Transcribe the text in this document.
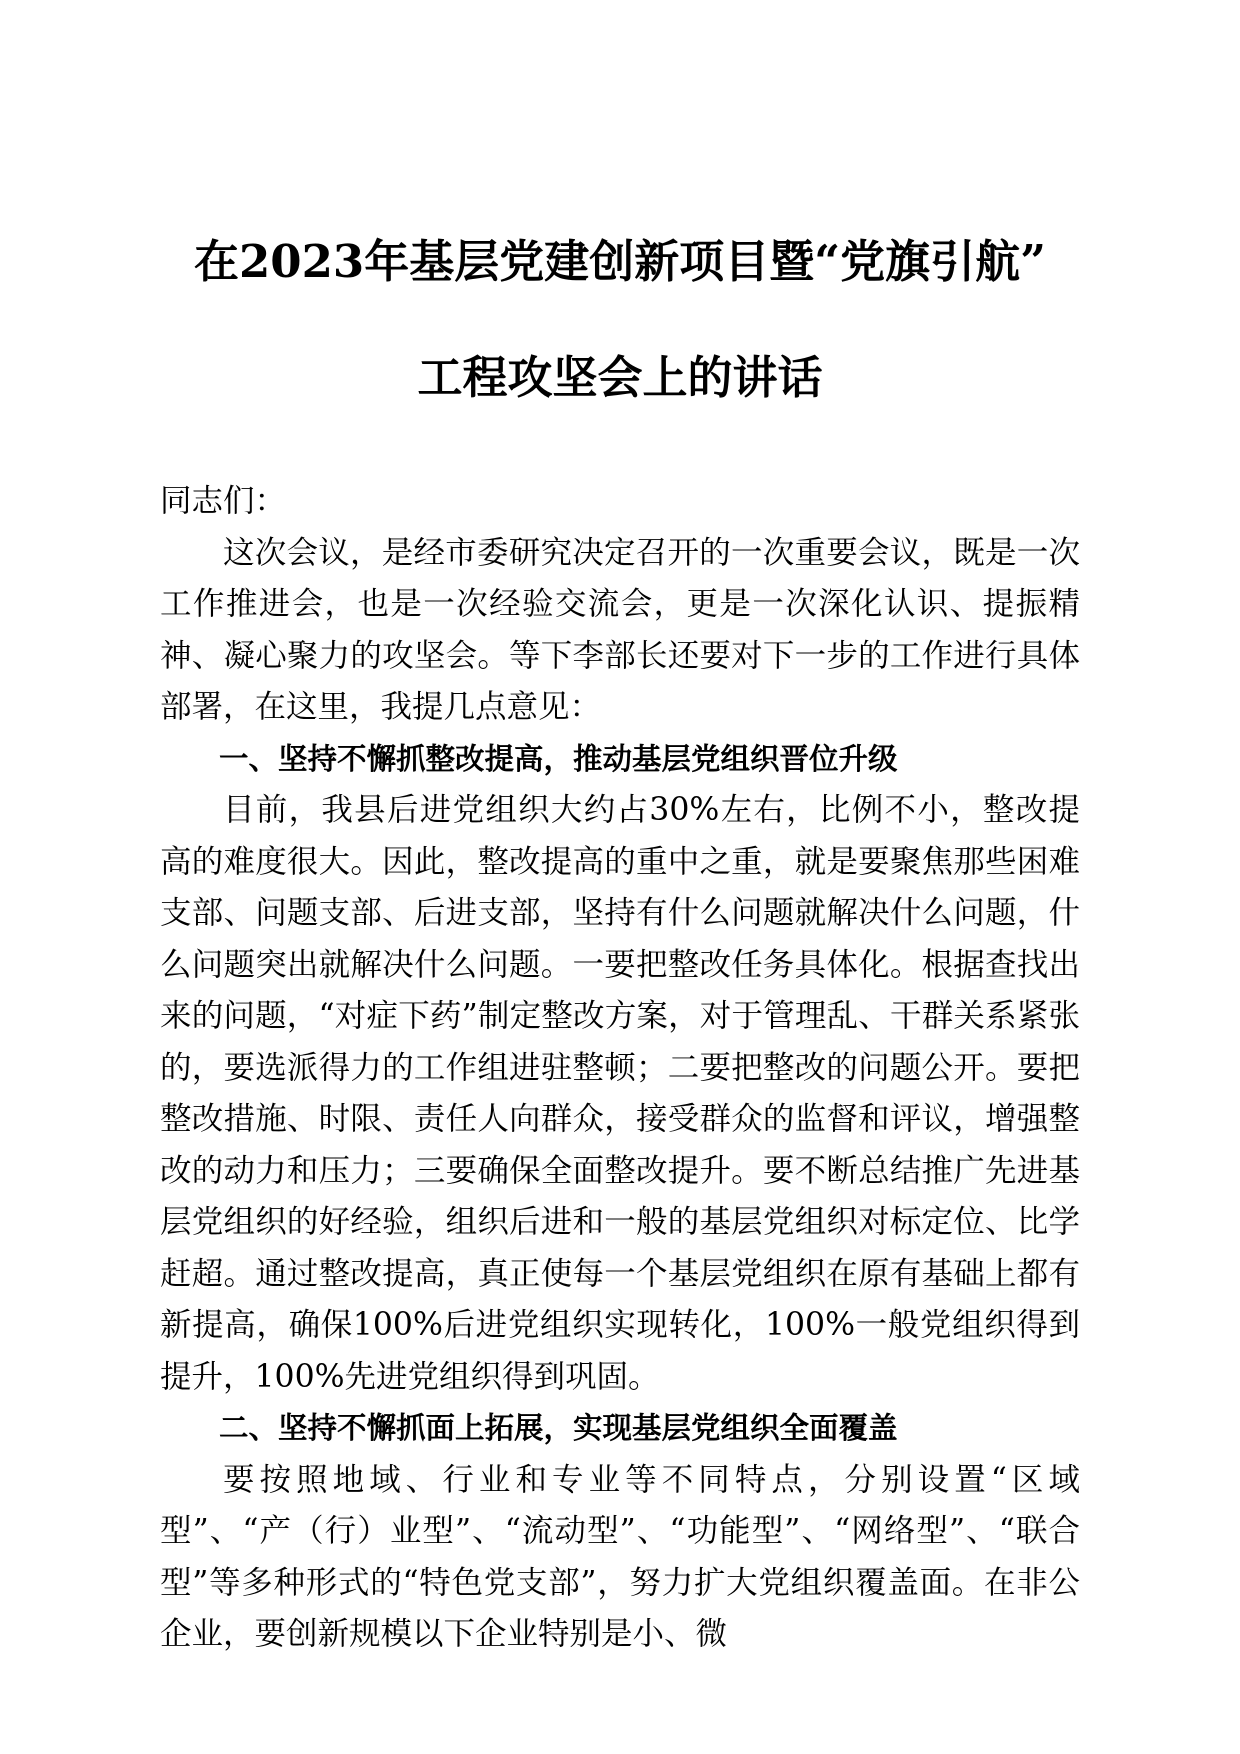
在2023年基层党建创新项目暨“党旗引航”
工程攻坚会上的讲话

同志们：

这次会议，是经市委研究决定召开的一次重要会议，既是一次工作推进会，也是一次经验交流会，更是一次深化认识、提振精神、凝心聚力的攻坚会。等下李部长还要对下一步的工作进行具体部署，在这里，我提几点意见：

一、坚持不懈抓整改提高，推动基层党组织晋位升级

目前，我县后进党组织大约占30%左右，比例不小，整改提高的难度很大。因此，整改提高的重中之重，就是要聚焦那些困难支部、问题支部、后进支部，坚持有什么问题就解决什么问题，什么问题突出就解决什么问题。一要把整改任务具体化。根据查找出来的问题，“对症下药”制定整改方案，对于管理乱、干群关系紧张的，要选派得力的工作组进驻整顿；二要把整改的问题公开。要把整改措施、时限、责任人向群众，接受群众的监督和评议，增强整改的动力和压力；三要确保全面整改提升。要不断总结推广先进基层党组织的好经验，组织后进和一般的基层党组织对标定位、比学赶超。通过整改提高，真正使每一个基层党组织在原有基础上都有新提高，确保100%后进党组织实现转化，100%一般党组织得到提升，100%先进党组织得到巩固。

二、坚持不懈抓面上拓展，实现基层党组织全面覆盖

要按照地域、行业和专业等不同特点，分别设置“区域型”、“产（行）业型”、“流动型”、“功能型”、“网络型”、“联合型”等多种形式的“特色党支部”，努力扩大党组织覆盖面。在非公企业，要创新规模以下企业特别是小、微
